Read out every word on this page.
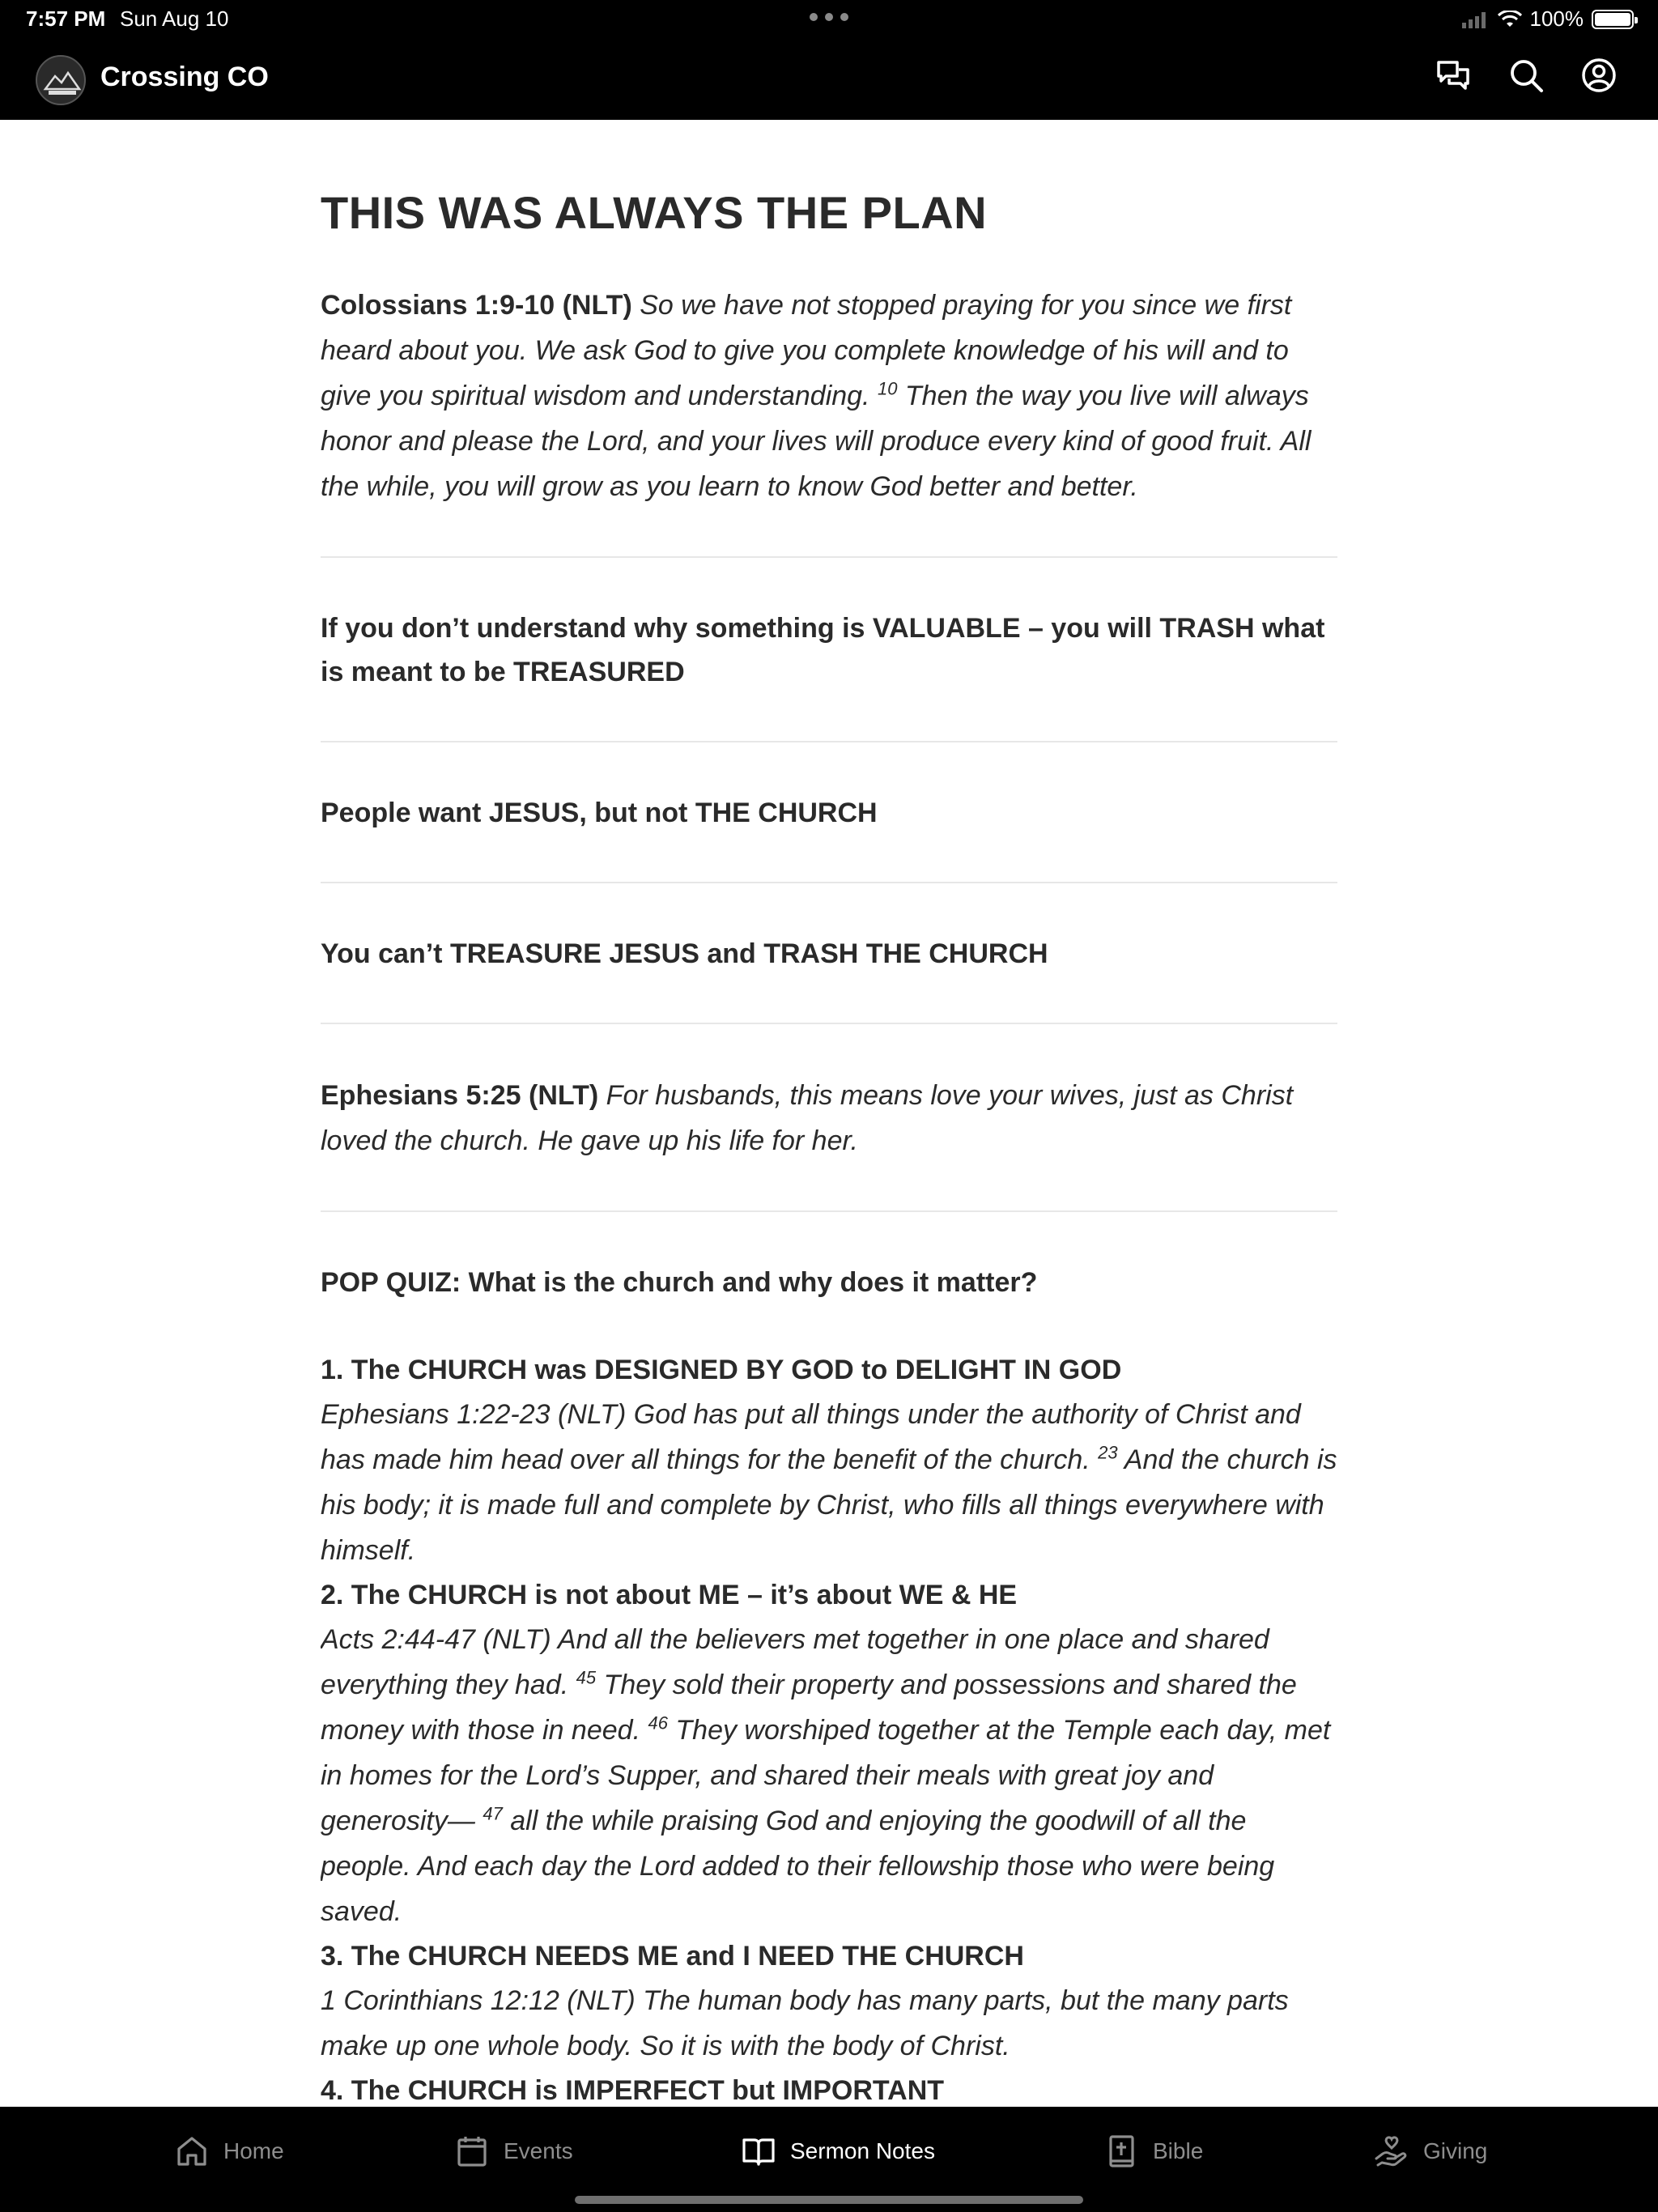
7:57 PM Sun Aug 10	100%
Crossing CO
THIS WAS ALWAYS THE PLAN

Colossians 1:9-10 (NLT) So we have not stopped praying for you since we first heard about you. We ask God to give you complete knowledge of his will and to give you spiritual wisdom and understanding. $^{10}$ Then the way you live will always honor and please the Lord, and your lives will produce every kind of good fruit. All the while, you will grow as you learn to know God better and better.

If you don’t understand why something is VALUABLE – you will TRASH what is meant to be TREASURED

People want JESUS, but not THE CHURCH

You can’t TREASURE JESUS and TRASH THE CHURCH

Ephesians 5:25 (NLT) For husbands, this means love your wives, just as Christ loved the church. He gave up his life for her.

POP QUIZ: What is the church and why does it matter?

1. The CHURCH was DESIGNED BY GOD to DELIGHT IN GOD

Ephesians 1:22-23 (NLT) God has put all things under the authority of Christ and has made him head over all things for the benefit of the church. $^{23}$ And the church is his body; it is made full and complete by Christ, who fills all things everywhere with himself.

2. The CHURCH is not about ME – it’s about WE & HE

Acts 2:44-47 (NLT) And all the believers met together in one place and shared everything they had. $^{45}$ They sold their property and possessions and shared the money with those in need. $^{46}$ They worshiped together at the Temple each day, met in homes for the Lord’s Supper, and shared their meals with great joy and generosity— $^{47}$ all the while praising God and enjoying the goodwill of all the people. And each day the Lord added to their fellowship those who were being saved.

3. The CHURCH NEEDS ME and I NEED THE CHURCH

1 Corinthians 12:12 (NLT) The human body has many parts, but the many parts make up one whole body. So it is with the body of Christ.

4. The CHURCH is IMPERFECT but IMPORTANT

Home	Events	Sermon Notes	Bible	Giving
